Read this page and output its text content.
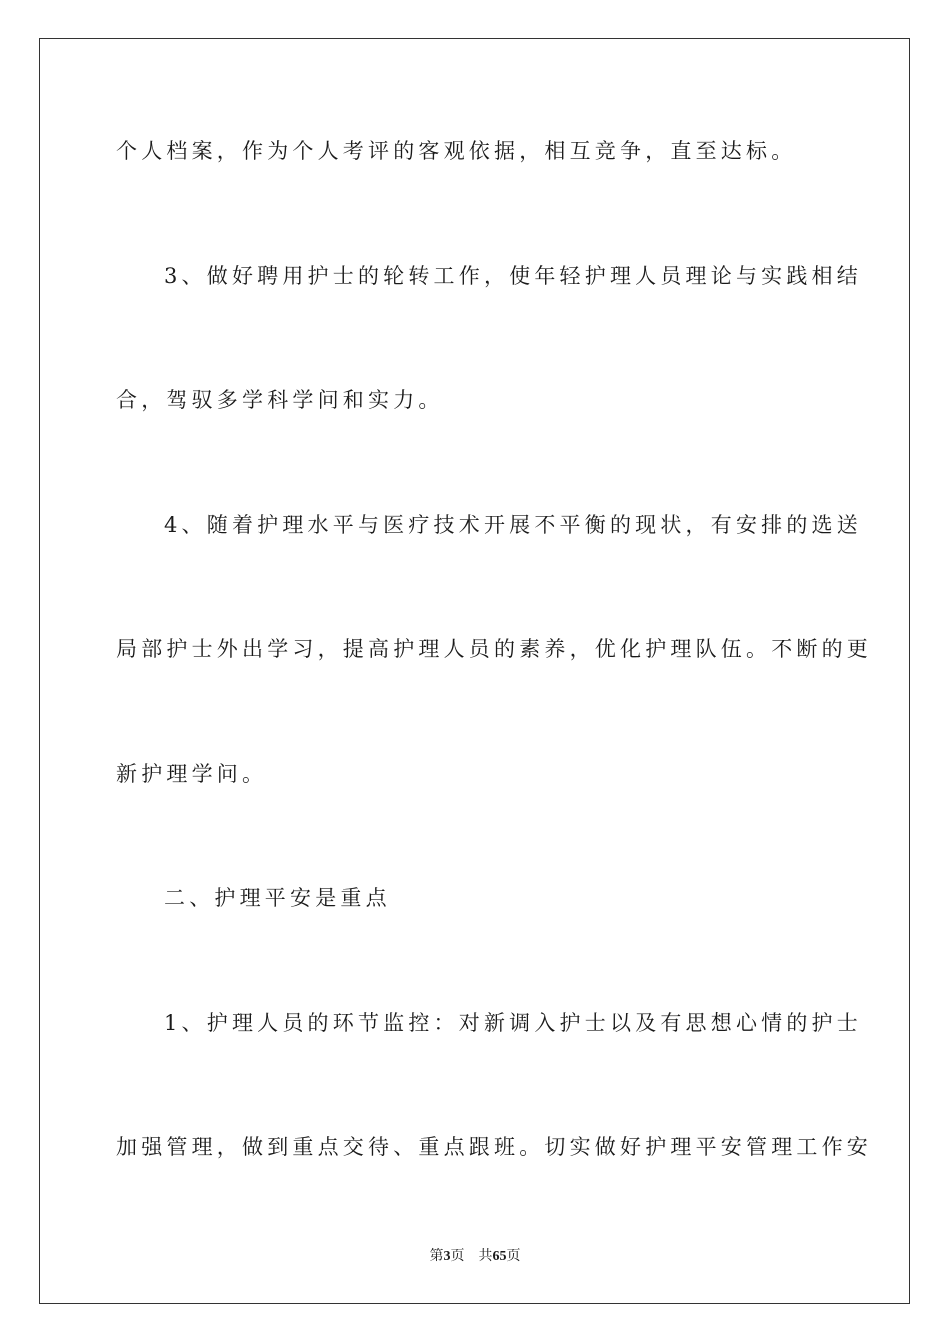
个人档案，作为个人考评的客观依据，相互竞争，直至达标。
3、做好聘用护士的轮转工作，使年轻护理人员理论与实践相结
合，驾驭多学科学问和实力。
4、随着护理水平与医疗技术开展不平衡的现状，有安排的选送
局部护士外出学习，提高护理人员的素养，优化护理队伍。不断的更
新护理学问。
二、护理平安是重点
1、护理人员的环节监控：对新调入护士以及有思想心情的护士
加强管理，做到重点交待、重点跟班。切实做好护理平安管理工作安
第3页 共65页
